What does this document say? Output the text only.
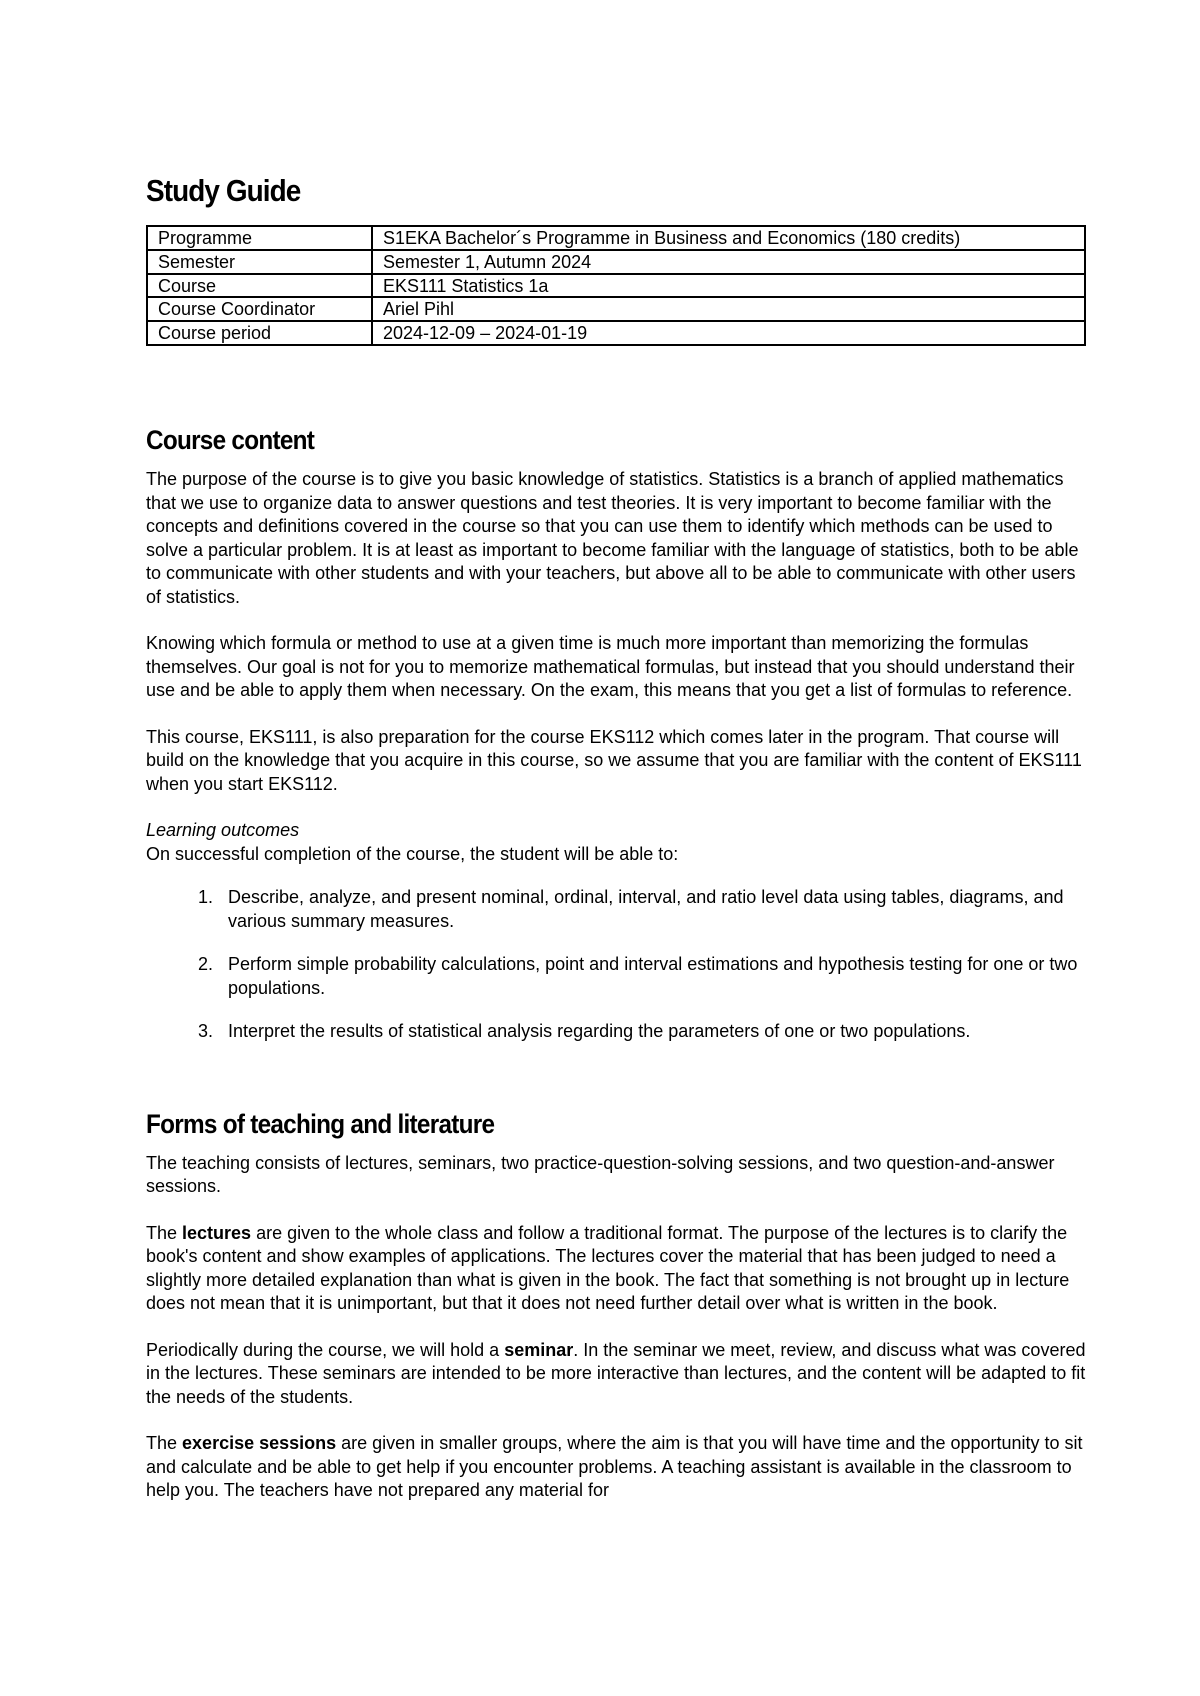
Study Guide
Programme	S1EKA Bachelor´s Programme in Business and Economics (180 credits)
Semester	Semester 1, Autumn 2024
Course	EKS111 Statistics 1a
Course Coordinator	Ariel Pihl
Course period	2024-12-09 – 2024-01-19
Course content

The purpose of the course is to give you basic knowledge of statistics. Statistics is a branch of applied mathematics that we use to organize data to answer questions and test theories. It is very important to become familiar with the concepts and definitions covered in the course so that you can use them to identify which methods can be used to solve a particular problem. It is at least as important to become familiar with the language of statistics, both to be able to communicate with other students and with your teachers, but above all to be able to communicate with other users of statistics.

Knowing which formula or method to use at a given time is much more important than memorizing the formulas themselves. Our goal is not for you to memorize mathematical formulas, but instead that you should understand their use and be able to apply them when necessary. On the exam, this means that you get a list of formulas to reference.

This course, EKS111, is also preparation for the course EKS112 which comes later in the program. That course will build on the knowledge that you acquire in this course, so we assume that you are familiar with the content of EKS111 when you start EKS112.

Learning outcomes

On successful completion of the course, the student will be able to:

1. Describe, analyze, and present nominal, ordinal, interval, and ratio level data using tables, diagrams, and various summary measures.
2. Perform simple probability calculations, point and interval estimations and hypothesis testing for one or two populations.
3. Interpret the results of statistical analysis regarding the parameters of one or two populations.
Forms of teaching and literature

The teaching consists of lectures, seminars, two practice-question-solving sessions, and two question-and-answer sessions.

The lectures are given to the whole class and follow a traditional format. The purpose of the lectures is to clarify the book's content and show examples of applications. The lectures cover the material that has been judged to need a slightly more detailed explanation than what is given in the book. The fact that something is not brought up in lecture does not mean that it is unimportant, but that it does not need further detail over what is written in the book.

Periodically during the course, we will hold a seminar. In the seminar we meet, review, and discuss what was covered in the lectures. These seminars are intended to be more interactive than lectures, and the content will be adapted to fit the needs of the students.

The exercise sessions are given in smaller groups, where the aim is that you will have time and the opportunity to sit and calculate and be able to get help if you encounter problems. A teaching assistant is available in the classroom to help you. The teachers have not prepared any material for
